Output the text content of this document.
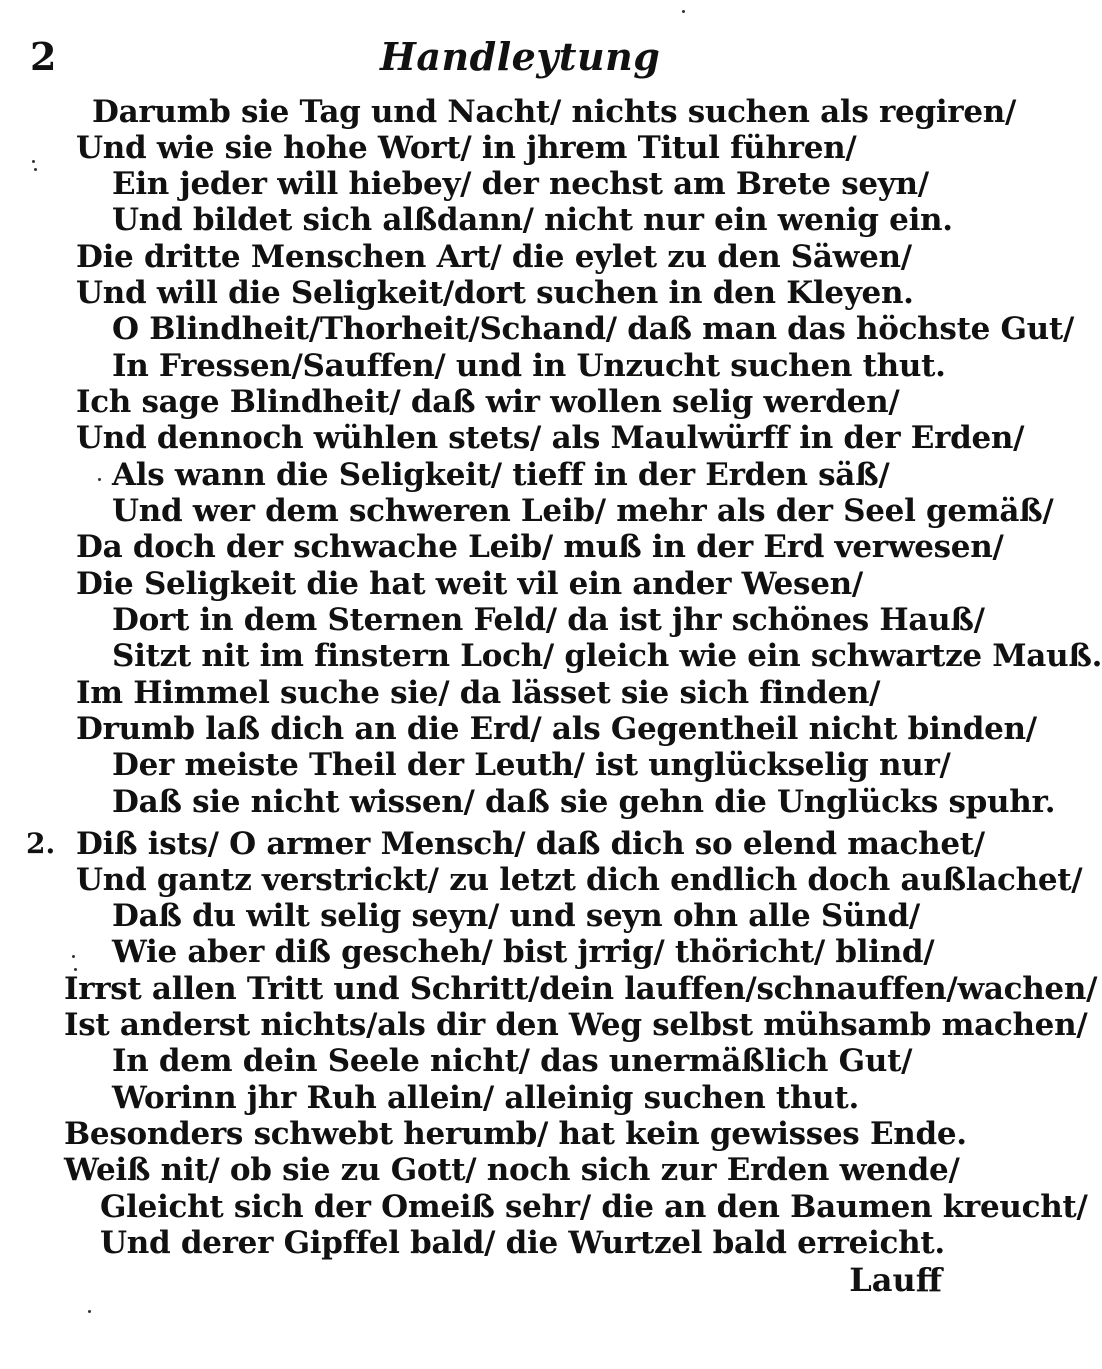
2	Handleytung
2.
Darumb sie Tag und Nacht/ nichts suchen als regiren/
Und wie sie hohe Wort/ in jhrem Titul führen/
Ein jeder will hiebey/ der nechst am Brete seyn/
Und bildet sich alßdann/ nicht nur ein wenig ein.
Die dritte Menschen Art/ die eylet zu den Säwen/
Und will die Seligkeit/dort suchen in den Kleyen.
O Blindheit/Thorheit/Schand/ daß man das höchste Gut/
In Fressen/Sauffen/ und in Unzucht suchen thut.
Ich sage Blindheit/ daß wir wollen selig werden/
Und dennoch wühlen stets/ als Maulwürff in der Erden/
Als wann die Seligkeit/ tieff in der Erden säß/
Und wer dem schweren Leib/ mehr als der Seel gemäß/
Da doch der schwache Leib/ muß in der Erd verwesen/
Die Seligkeit die hat weit vil ein ander Wesen/
Dort in dem Sternen Feld/ da ist jhr schönes Hauß/
Sitzt nit im finstern Loch/ gleich wie ein schwartze Mauß.
Im Himmel suche sie/ da lässet sie sich finden/
Drumb laß dich an die Erd/ als Gegentheil nicht binden/
Der meiste Theil der Leuth/ ist unglückselig nur/
Daß sie nicht wissen/ daß sie gehn die Unglücks spuhr.
Diß ists/ O armer Mensch/ daß dich so elend machet/
Und gantz verstrickt/ zu letzt dich endlich doch außlachet/
Daß du wilt selig seyn/ und seyn ohn alle Sünd/
Wie aber diß gescheh/ bist jrrig/ thöricht/ blind/
Irrst allen Tritt und Schritt/dein lauffen/schnauffen/wachen/
Ist anderst nichts/als dir den Weg selbst mühsamb machen/
In dem dein Seele nicht/ das unermäßlich Gut/
Worinn jhr Ruh allein/ alleinig suchen thut.
Besonders schwebt herumb/ hat kein gewisses Ende.
Weiß nit/ ob sie zu Gott/ noch sich zur Erden wende/
Gleicht sich der Omeiß sehr/ die an den Baumen kreucht/
Und derer Gipffel bald/ die Wurtzel bald erreicht.
Lauff
